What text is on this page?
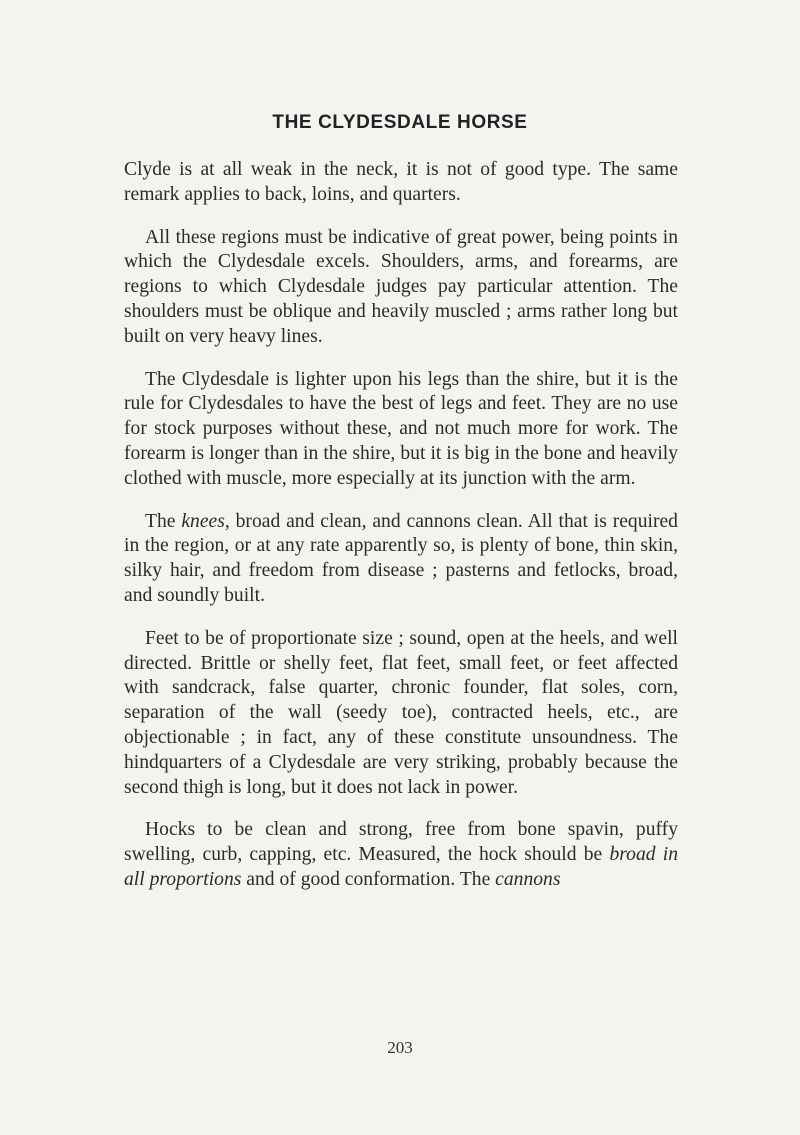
THE CLYDESDALE HORSE

Clyde is at all weak in the neck, it is not of good type. The same remark applies to back, loins, and quarters.

All these regions must be indicative of great power, being points in which the Clydesdale excels. Shoulders, arms, and forearms, are regions to which Clydesdale judges pay particular attention. The shoulders must be oblique and heavily muscled ; arms rather long but built on very heavy lines.

The Clydesdale is lighter upon his legs than the shire, but it is the rule for Clydesdales to have the best of legs and feet. They are no use for stock purposes without these, and not much more for work. The forearm is longer than in the shire, but it is big in the bone and heavily clothed with muscle, more especially at its junction with the arm.

The knees, broad and clean, and cannons clean. All that is required in the region, or at any rate apparently so, is plenty of bone, thin skin, silky hair, and freedom from disease ; pasterns and fetlocks, broad, and soundly built.

Feet to be of proportionate size ; sound, open at the heels, and well directed. Brittle or shelly feet, flat feet, small feet, or feet affected with sandcrack, false quarter, chronic founder, flat soles, corn, separation of the wall (seedy toe), contracted heels, etc., are objectionable ; in fact, any of these constitute unsoundness. The hindquarters of a Clydesdale are very striking, probably because the second thigh is long, but it does not lack in power.

Hocks to be clean and strong, free from bone spavin, puffy swelling, curb, capping, etc. Measured, the hock should be broad in all proportions and of good conformation. The cannons

203
